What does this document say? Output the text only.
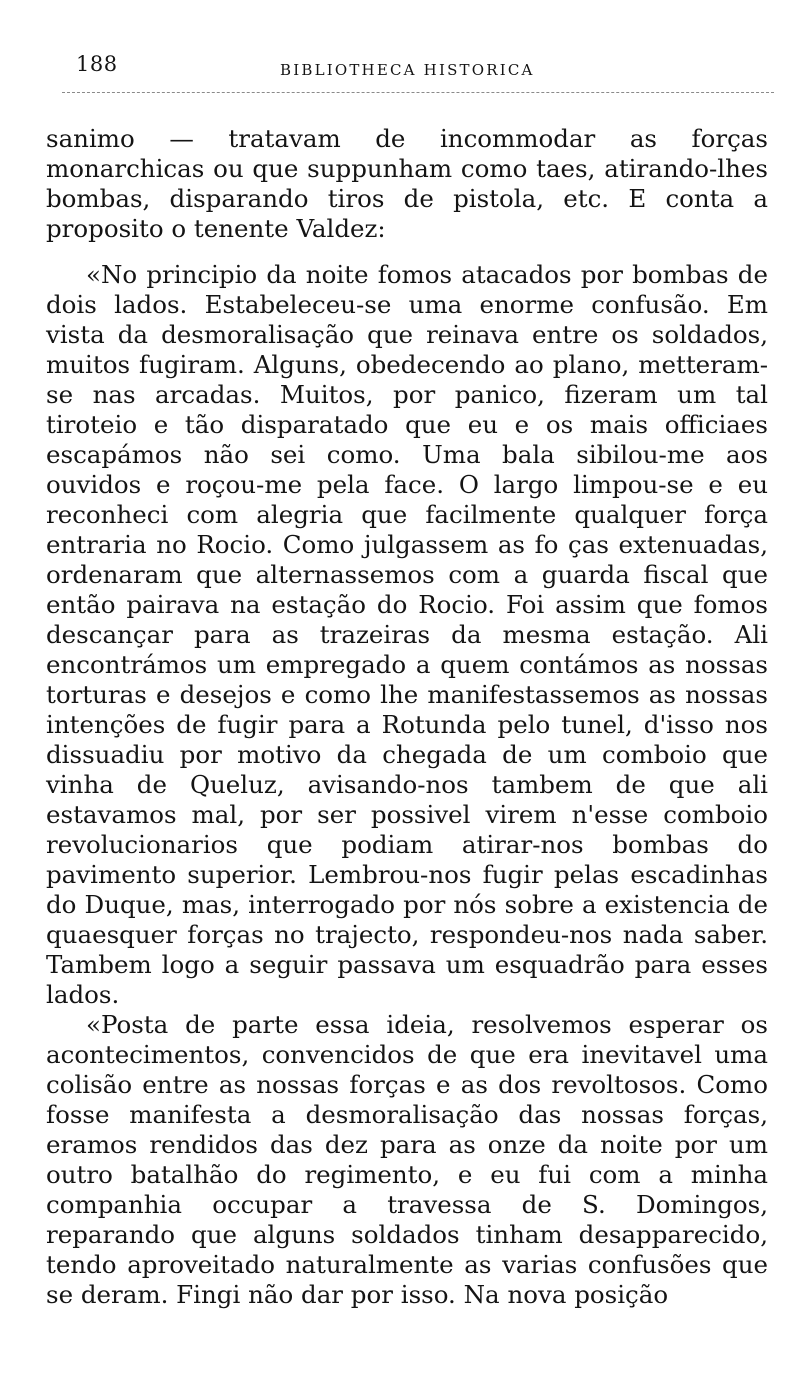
188	BIBLIOTHECA HISTORICA

sanimo — tratavam de incommodar as forças monarchicas ou que suppunham como taes, atirando-lhes bombas, disparando tiros de pistola, etc. E conta a proposito o tenente Valdez:

«No principio da noite fomos atacados por bombas de dois lados. Estabeleceu-se uma enorme confusão. Em vista da desmoralisação que reinava entre os soldados, muitos fugiram. Alguns, obedecendo ao plano, metteram-se nas arcadas. Muitos, por panico, fizeram um tal tiroteio e tão disparatado que eu e os mais officiaes escapámos não sei como. Uma bala sibilou-me aos ouvidos e roçou-me pela face. O largo limpou-se e eu reconheci com alegria que facilmente qualquer força entraria no Rocio. Como julgassem as fo ças extenuadas, ordenaram que alternassemos com a guarda fiscal que então pairava na estação do Rocio. Foi assim que fomos descançar para as trazeiras da mesma estação. Ali encontrámos um empregado a quem contámos as nossas torturas e desejos e como lhe manifestassemos as nossas intenções de fugir para a Rotunda pelo tunel, d'isso nos dissuadiu por motivo da chegada de um comboio que vinha de Queluz, avisando-nos tambem de que ali estavamos mal, por ser possivel virem n'esse comboio revolucionarios que podiam atirar-nos bombas do pavimento superior. Lembrou-nos fugir pelas escadinhas do Duque, mas, interrogado por nós sobre a existencia de quaesquer forças no trajecto, respondeu-nos nada saber. Tambem logo a seguir passava um esquadrão para esses lados.

«Posta de parte essa ideia, resolvemos esperar os acontecimentos, convencidos de que era inevitavel uma colisão entre as nossas forças e as dos revoltosos. Como fosse manifesta a desmoralisação das nossas forças, eramos rendidos das dez para as onze da noite por um outro batalhão do regimento, e eu fui com a minha companhia occupar a travessa de S. Domingos, reparando que alguns soldados tinham desapparecido, tendo aproveitado naturalmente as varias confusões que se deram. Fingi não dar por isso. Na nova posição
